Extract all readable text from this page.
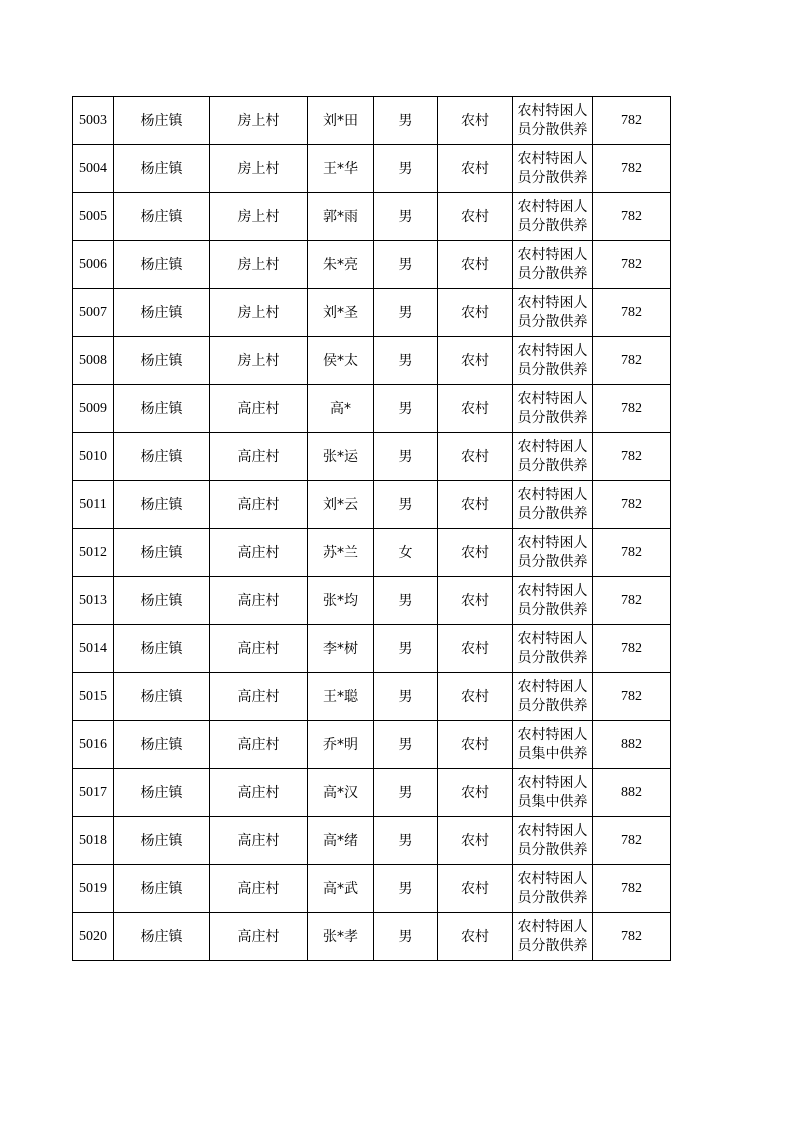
5003	杨庄镇	房上村	刘*田	男	农村	农村特困人
员分散供养	782
5004	杨庄镇	房上村	王*华	男	农村	农村特困人
员分散供养	782
5005	杨庄镇	房上村	郭*雨	男	农村	农村特困人
员分散供养	782
5006	杨庄镇	房上村	朱*亮	男	农村	农村特困人
员分散供养	782
5007	杨庄镇	房上村	刘*圣	男	农村	农村特困人
员分散供养	782
5008	杨庄镇	房上村	侯*太	男	农村	农村特困人
员分散供养	782
5009	杨庄镇	高庄村	高*	男	农村	农村特困人
员分散供养	782
5010	杨庄镇	高庄村	张*运	男	农村	农村特困人
员分散供养	782
5011	杨庄镇	高庄村	刘*云	男	农村	农村特困人
员分散供养	782
5012	杨庄镇	高庄村	苏*兰	女	农村	农村特困人
员分散供养	782
5013	杨庄镇	高庄村	张*均	男	农村	农村特困人
员分散供养	782
5014	杨庄镇	高庄村	李*树	男	农村	农村特困人
员分散供养	782
5015	杨庄镇	高庄村	王*聪	男	农村	农村特困人
员分散供养	782
5016	杨庄镇	高庄村	乔*明	男	农村	农村特困人
员集中供养	882
5017	杨庄镇	高庄村	高*汉	男	农村	农村特困人
员集中供养	882
5018	杨庄镇	高庄村	高*绪	男	农村	农村特困人
员分散供养	782
5019	杨庄镇	高庄村	高*武	男	农村	农村特困人
员分散供养	782
5020	杨庄镇	高庄村	张*孝	男	农村	农村特困人
员分散供养	782
